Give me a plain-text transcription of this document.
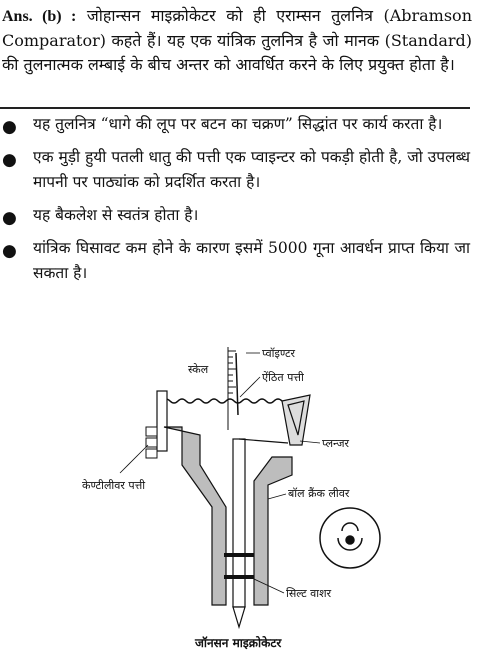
Ans. (b) : जोहान्सन माइक्रोकेटर को ही एराम्सन तुलनित्र (Abramson Comparator) कहते हैं। यह एक यांत्रिक तुलनित्र है जो मानक (Standard) की तुलनात्मक लम्बाई के बीच अन्तर को आवर्धित करने के लिए प्रयुक्त होता है।
● यह तुलनित्र “धागे की लूप पर बटन का चक्रण” सिद्धांत पर कार्य करता है।
● एक मुड़ी हुयी पतली धातु की पत्ती एक प्वाइन्टर को पकड़ी होती है, जो उपलब्ध मापनी पर पाठ्यांक को प्रदर्शित करता है।
● यह बैकलेश से स्वतंत्र होता है।
● यांत्रिक घिसावट कम होने के कारण इसमें 5000 गूना आवर्धन प्राप्त किया जा सकता है।
प्वॉइण्टर
स्केल
ऐंठित पत्ती
प्लन्जर
केण्टीलीवर पत्ती
बॉल क्रैंक लीवर
सिल्ट वाशर
जॉनसन माइक्रोकेटर
